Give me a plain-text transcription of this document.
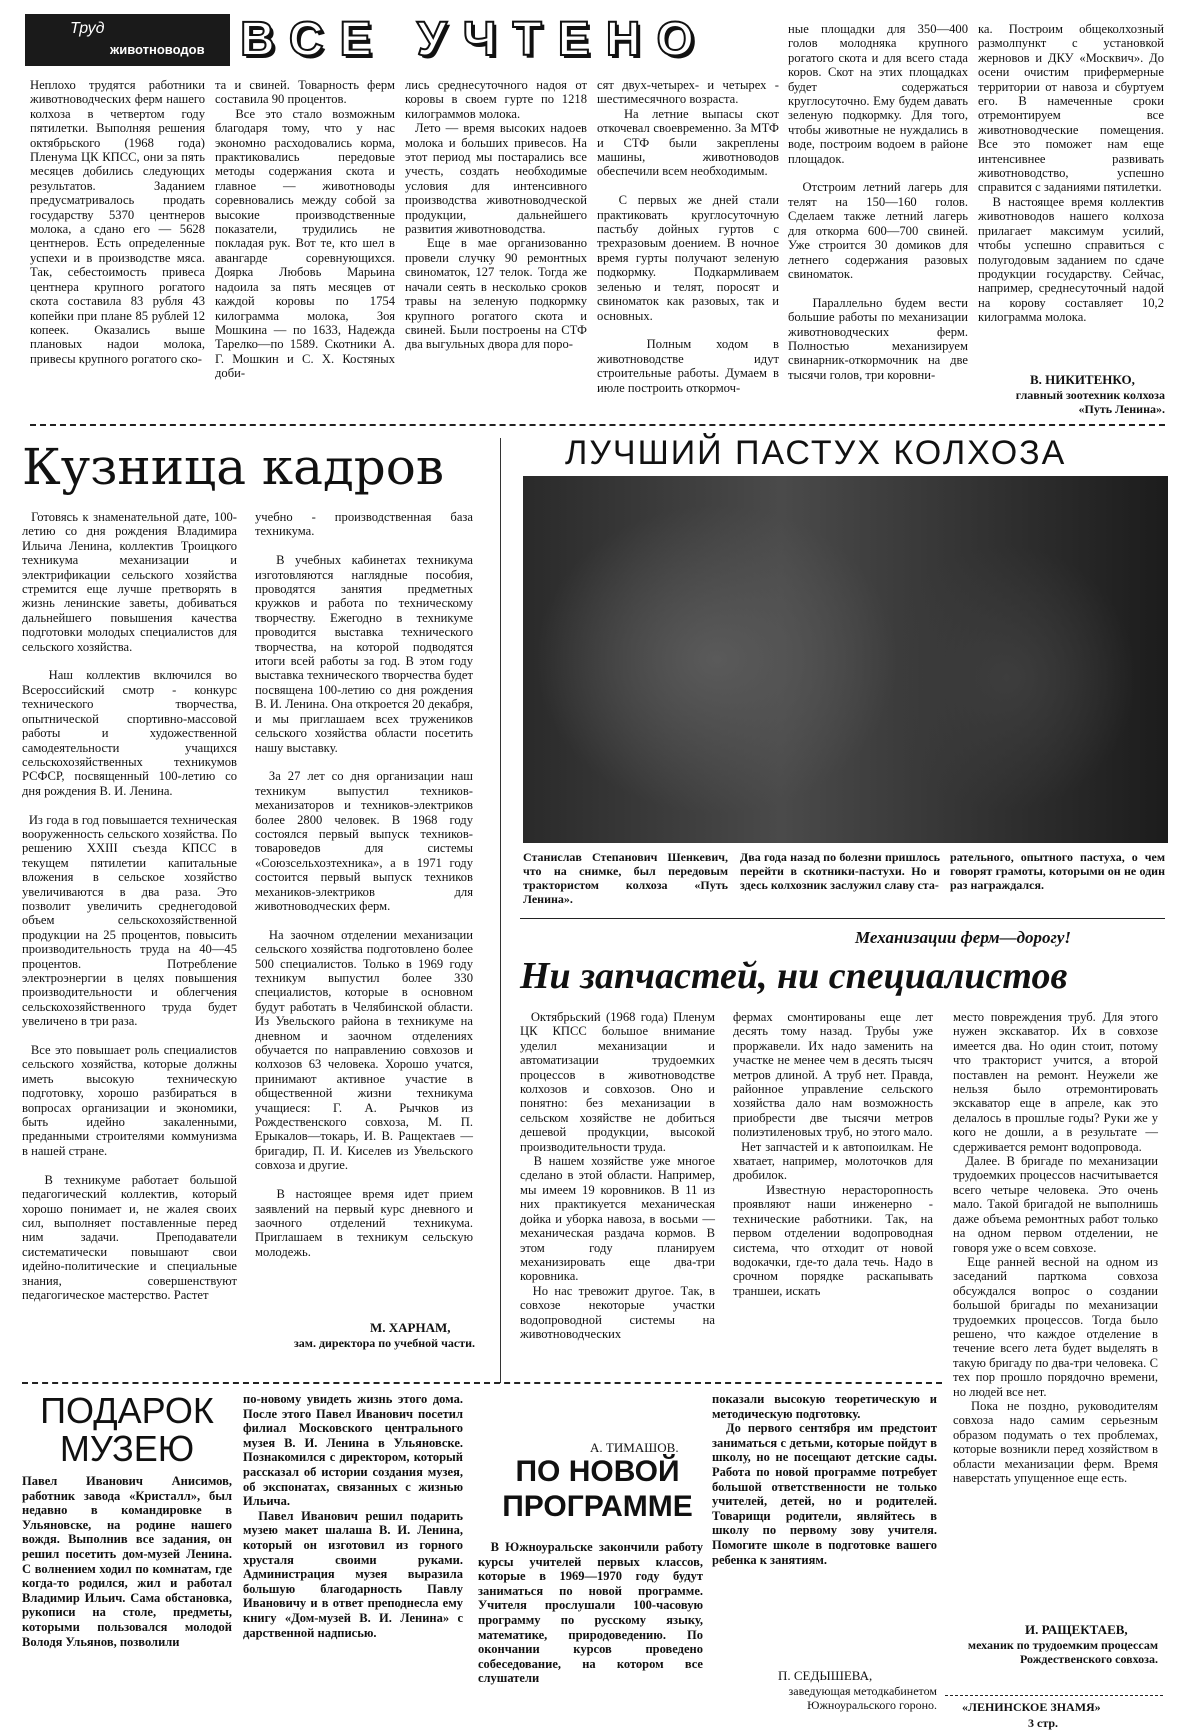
Труд
животноводов ВСЕ УЧТЕНО
Неплохо трудятся работники животноводческих ферм нашего колхоза в четвертом году пятилетки. Выполняя решения октябрьского (1968 года) Пленума ЦК КПСС, они за пять месяцев добились следующих результатов. Заданием предусматривалось продать государству 5370 центнеров молока, а сдано его — 5628 центнеров. Есть определенные успехи и в производстве мяса. Так, себестоимость привеса центнера крупного рогатого скота составила 83 рубля 43 копейки при плане 85 рублей 12 копеек. Оказались выше плановых надои молока, привесы крупного рогатого ско-
та и свиней. Товарность ферм составила 90 процентов.
Все это стало возможным благодаря тому, что у нас экономно расходовались корма, практиковались передовые методы содержания скота и главное — животноводы соревновались между собой за высокие производственные показатели, трудились не покладая рук. Вот те, кто шел в авангарде соревнующихся. Доярка Любовь Марьина надоила за пять месяцев от каждой коровы по 1754 килограмма молока, Зоя Мошкина — по 1633, Надежда Тарелко—по 1589. Скотники А. Г. Мошкин и С. Х. Костяных доби-
лись среднесуточного надоя от коровы в своем гурте по 1218 килограммов молока.
Лето — время высоких надоев молока и больших привесов. На этот период мы постарались все учесть, создать необходимые условия для интенсивного производства животноводческой продукции, дальнейшего развития животноводства.
Еще в мае организованно провели случку 90 ремонтных свиноматок, 127 телок. Тогда же начали сеять в несколько сроков травы на зеленую подкормку крупного рогатого скота и свиней. Были построены на СТФ два выгульных двора для поро-
сят двух-четырех- и четырех - шестимесячного возраста.
На летние выпасы скот откочевал своевременно. За МТФ и СТФ были закреплены машины, животноводов обеспечили всем необходимым.

С первых же дней стали практиковать круглосуточную пастьбу дойных гуртов с трехразовым доением. В ночное время гурты получают зеленую подкормку. Подкармливаем зеленью и телят, поросят и свиноматок как разовых, так и основных.

Полным ходом в животноводстве идут строительные работы. Думаем в июле построить откормоч-
ные площадки для 350—400 голов молодняка крупного рогатого скота и для всего стада коров. Скот на этих площадках будет содержаться круглосуточно. Ему будем давать зеленую подкормку. Для того, чтобы животные не нуждались в воде, построим водоем в районе площадок.

Отстроим летний лагерь для телят на 150—160 голов. Сделаем также летний лагерь для откорма 600—700 свиней. Уже строится 30 домиков для летнего содержания разовых свиноматок.

Параллельно будем вести большие работы по механизации животноводческих ферм. Полностью механизируем свинарник-откормочник на две тысячи голов, три коровни-
ка. Построим общеколхозный размолпункт с установкой жерновов и ДКУ «Москвич». До осени очистим прифермерные территории от навоза и сбуртуем его. В намеченные сроки отремонтируем все животноводческие помещения. Все это поможет нам еще интенсивнее развивать животноводство, успешно справится с заданиями пятилетки.
В настоящее время коллектив животноводов нашего колхоза прилагает максимум усилий, чтобы успешно справиться с полугодовым заданием по сдаче продукции государству. Сейчас, например, среднесуточный надой на корову составляет 10,2 килограмма молока.
В. НИКИТЕНКО,
главный зоотехник колхоза «Путь Ленина».
Кузница кадров
Готовясь к знаменательной дате, 100-летию со дня рождения Владимира Ильича Ленина, коллектив Троицкого техникума механизации и электрификации сельского хозяйства стремится еще лучше претворять в жизнь ленинские заветы, добиваться дальнейшего повышения качества подготовки молодых специалистов для сельского хозяйства.

Наш коллектив включился во Всероссийский смотр - конкурс технического творчества, опытнической спортивно-массовой работы и художественной самодеятельности учащихся сельскохозяйственных техникумов РСФСР, посвященный 100-летию со дня рождения В. И. Ленина.

Из года в год повышается техническая вооруженность сельского хозяйства. По решению XXIII съезда КПСС в текущем пятилетии капитальные вложения в сельское хозяйство увеличиваются в два раза. Это позволит увеличить среднегодовой объем сельскохозяйственной продукции на 25 процентов, повысить производительность труда на 40—45 процентов. Потребление электроэнергии в целях повышения производительности и облегчения сельскохозяйственного труда будет увеличено в три раза.

Все это повышает роль специалистов сельского хозяйства, которые должны иметь высокую техническую подготовку, хорошо разбираться в вопросах организации и экономики, быть идейно закаленными, преданными строителями коммунизма в нашей стране.

В техникуме работает большой педагогический коллектив, который хорошо понимает и, не жалея своих сил, выполняет поставленные перед ним задачи. Преподаватели систематически повышают свои идейно-политические и специальные знания, совершенствуют педагогическое мастерство. Растет
учебно - производственная база техникума.

В учебных кабинетах техникума изготовляются наглядные пособия, проводятся занятия предметных кружков и работа по техническому творчеству. Ежегодно в техникуме проводится выставка технического творчества, на которой подводятся итоги всей работы за год. В этом году выставка технического творчества будет посвящена 100-летию со дня рождения В. И. Ленина. Она откроется 20 декабря, и мы приглашаем всех тружеников сельского хозяйства области посетить нашу выставку.

За 27 лет со дня организации наш техникум выпустил техников-механизаторов и техников-электриков более 2800 человек. В 1968 году состоялся первый выпуск техников-товароведов для системы «Союзсельхозтехника», а в 1971 году состоится первый выпуск техников механиков-электриков для животноводческих ферм.

На заочном отделении механизации сельского хозяйства подготовлено более 500 специалистов. Только в 1969 году техникум выпустил более 330 специалистов, которые в основном будут работать в Челябинской области. Из Увельского района в техникуме на дневном и заочном отделениях обучается по направлению совхозов и колхозов 63 человека. Хорошо учатся, принимают активное участие в общественной жизни техникума учащиеся: Г. А. Рычков из Рождественского совхоза, М. П. Ерыкалов—токарь, И. В. Ращектаев — бригадир, П. И. Киселев из Увельского совхоза и другие.

В настоящее время идет прием заявлений на первый курс дневного и заочного отделений техникума. Приглашаем в техникум сельскую молодежь.
М. ХАРНАМ,
зам. директора по учебной части.
ЛУЧШИЙ ПАСТУХ КОЛХОЗА
Станислав Степанович Шенкевич, что на снимке, был передовым трактористом колхоза «Путь Ленина».
Два года назад по болезни пришлось перейти в скотники-пастухи. Но и здесь колхозник заслужил славу ста-
рательного, опытного пастуха, о чем говорят грамоты, которыми он не один раз награждался.
Механизации ферм—дорогу!
Ни запчастей, ни специалистов
Октябрьский (1968 года) Пленум ЦК КПСС большое внимание уделил механизации и автоматизации трудоемких процессов в животноводстве колхозов и совхозов. Оно и понятно: без механизации в сельском хозяйстве не добиться дешевой продукции, высокой производительности труда.
В нашем хозяйстве уже многое сделано в этой области. Например, мы имеем 19 коровников. В 11 из них практикуется механическая дойка и уборка навоза, в восьми — механическая раздача кормов. В этом году планируем механизировать еще два-три коровника.
Но нас тревожит другое. Так, в совхозе некоторые участки водопроводной системы на животноводческих
фермах смонтированы еще лет десять тому назад. Трубы уже проржавели. Их надо заменить на участке не менее чем в десять тысяч метров длиной. А труб нет. Правда, районное управление сельского хозяйства дало нам возможность приобрести две тысячи метров полиэтиленовых труб, но этого мало.
Нет запчастей и к автопоилкам. Не хватает, например, молоточков для дробилок.
Известную нерасторопность проявляют наши инженерно - технические работники. Так, на первом отделении водопроводная система, что отходит от новой водокачки, где-то дала течь. Надо в срочном порядке раскапывать траншеи, искать
место повреждения труб. Для этого нужен экскаватор. Их в совхозе имеется два. Но один стоит, потому что тракторист учится, а второй поставлен на ремонт. Неужели же нельзя было отремонтировать экскаватор еще в апреле, как это делалось в прошлые годы? Руки же у кого не дошли, а в результате — сдерживается ремонт водопровода.
Далее. В бригаде по механизации трудоемких процессов насчитывается всего четыре человека. Это очень мало. Такой бригадой не выполнишь даже объема ремонтных работ только на одном первом отделении, не говоря уже о всем совхозе.
Еще ранней весной на одном из заседаний парткома совхоза обсуждался вопрос о создании большой бригады по механизации трудоемких процессов. Тогда было решено, что каждое отделение в течение всего лета будет выделять в такую бригаду по два-три человека. С тех пор прошло порядочно времени, но людей все нет.
Пока не поздно, руководителям совхоза надо самим серьезным образом подумать о тех проблемах, которые возникли перед хозяйством в области механизации ферм. Время наверстать упущенное еще есть.
И. РАЩЕКТАЕВ,
механик по трудоемким процессам Рождественского совхоза.
ПОДАРОК
МУЗЕЮ
Павел Иванович Анисимов, работник завода «Кристалл», был недавно в командировке в Ульяновске, на родине нашего вождя. Выполнив все задания, он решил посетить дом-музей Ленина. С волнением ходил по комнатам, где когда-то родился, жил и работал Владимир Ильич. Сама обстановка, рукописи на столе, предметы, которыми пользовался молодой Володя Ульянов, позволили
по-новому увидеть жизнь этого дома. После этого Павел Иванович посетил филиал Московского центрального музея В. И. Ленина в Ульяновске. Познакомился с директором, который рассказал об истории создания музея, об экспонатах, связанных с жизнью Ильича.
Павел Иванович решил подарить музею макет шалаша В. И. Ленина, который он изготовил из горного хрусталя своими руками. Администрация музея выразила большую благодарность Павлу Ивановичу и в ответ преподнесла ему книгу «Дом-музей В. И. Ленина» с дарственной надписью.
А. ТИМАШОВ.
ПО НОВОЙ
ПРОГРАММЕ
В Южноуральске закончили работу курсы учителей первых классов, которые в 1969—1970 году будут заниматься по новой программе. Учителя прослушали 100-часовую программу по русскому языку, математике, природоведению. По окончании курсов проведено собеседование, на котором все слушатели
показали высокую теоретическую и методическую подготовку.
До первого сентября им предстоит заниматься с детьми, которые пойдут в школу, но не посещают детские сады. Работа по новой программе потребует большой ответственности не только учителей, детей, но и родителей. Товарищи родители, являйтесь в школу по первому зову учителя. Помогите школе в подготовке вашего ребенка к занятиям.
П. СЕДЫШЕВА,
заведующая методкабинетом Южноуральского гороно. «ЛЕНИНСКОЕ ЗНАМЯ»
3 стр.
